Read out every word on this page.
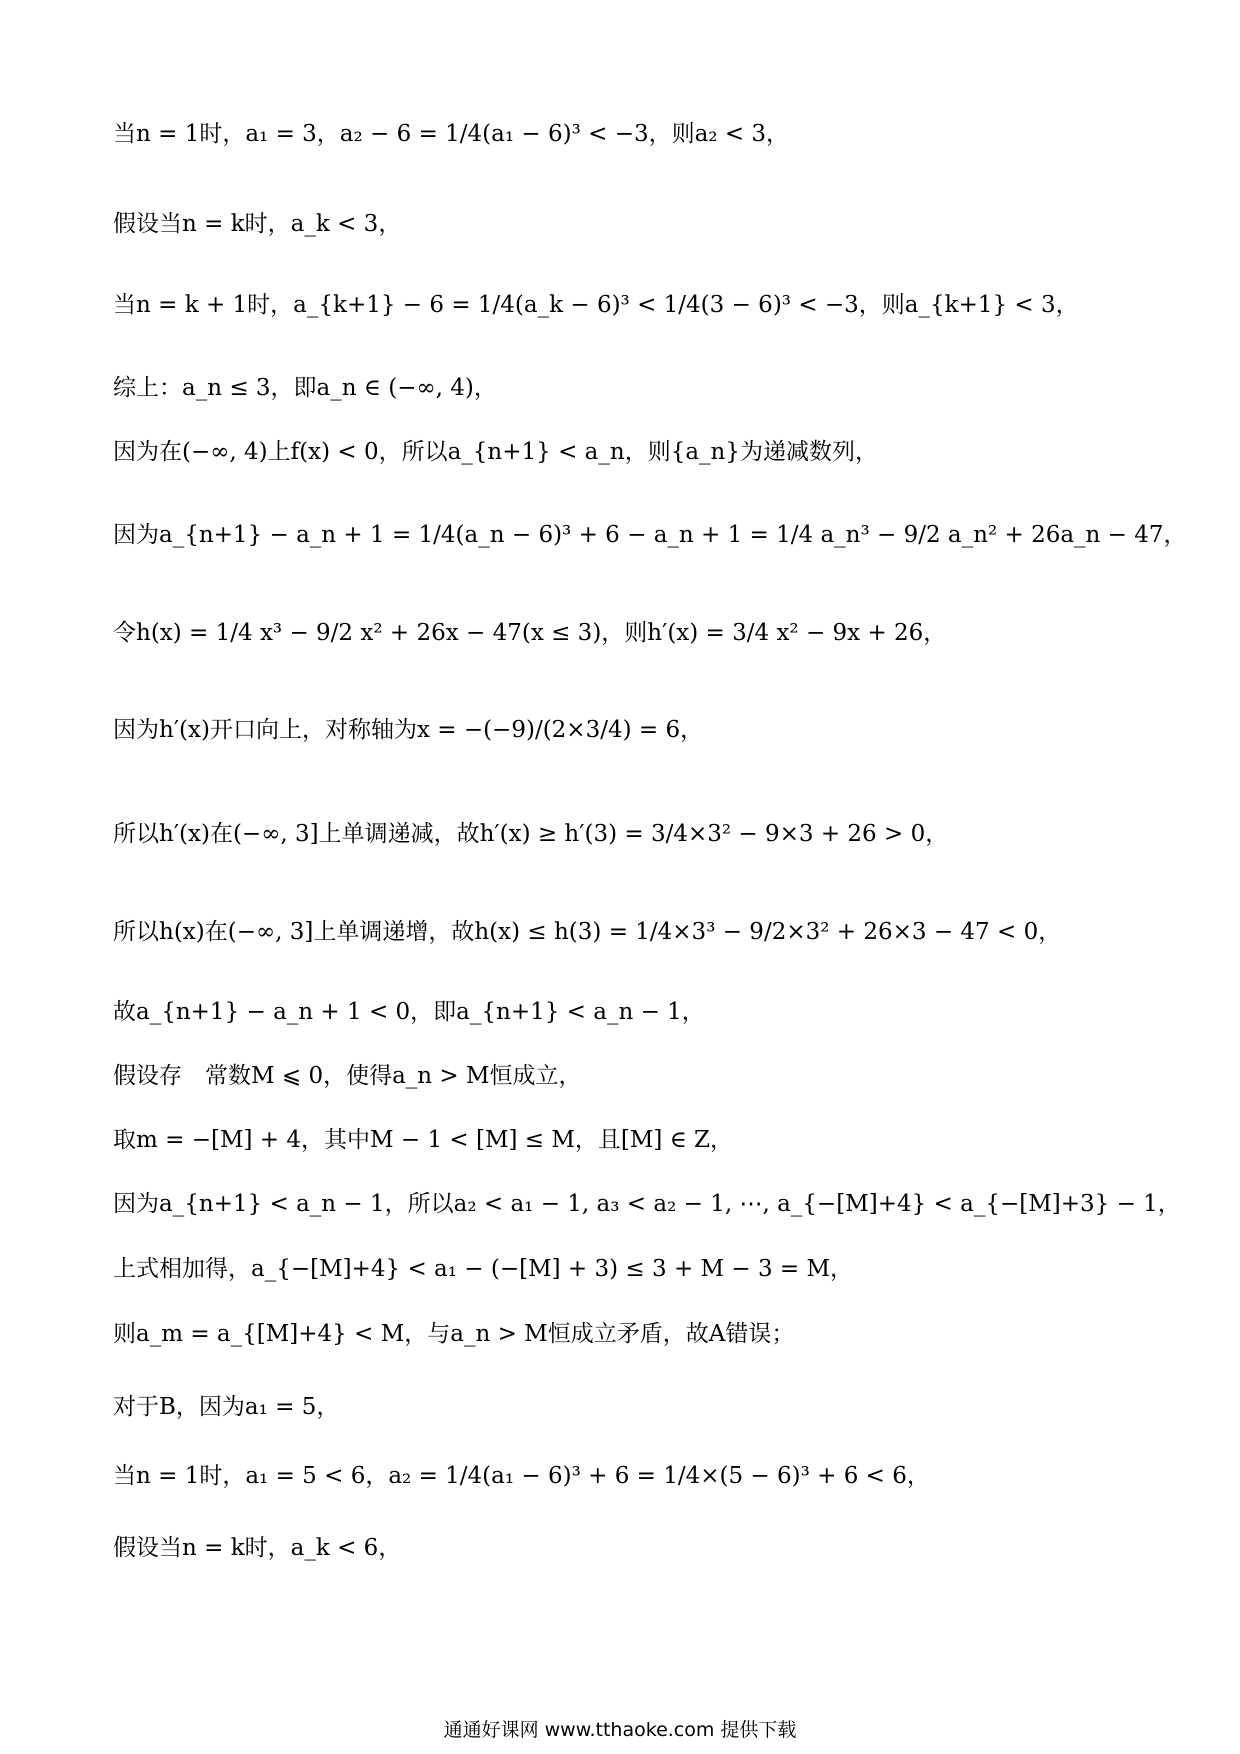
当n = 1时，a₁ = 3，a₂ − 6 = 1/4(a₁ − 6)³ < −3，则a₂ < 3，
假设当n = k时，a_k < 3，
当n = k + 1时，a_{k+1} − 6 = 1/4(a_k − 6)³ < 1/4(3 − 6)³ < −3，则a_{k+1} < 3，
综上：a_n ≤ 3，即a_n ∈ (−∞, 4)，
因为在(−∞, 4)上f(x) < 0，所以a_{n+1} < a_n，则{a_n}为递减数列，
因为a_{n+1} − a_n + 1 = 1/4(a_n − 6)³ + 6 − a_n + 1 = 1/4 a_n³ − 9/2 a_n² + 26a_n − 47，
令h(x) = 1/4 x³ − 9/2 x² + 26x − 47(x ≤ 3)，则h′(x) = 3/4 x² − 9x + 26，
因为h′(x)开口向上，对称轴为x = −(−9)/(2×3/4) = 6，
所以h′(x)在(−∞, 3]上单调递减，故h′(x) ≥ h′(3) = 3/4×3² − 9×3 + 26 > 0，
所以h(x)在(−∞, 3]上单调递增，故h(x) ≤ h(3) = 1/4×3³ − 9/2×3² + 26×3 − 47 < 0，
故a_{n+1} − a_n + 1 < 0，即a_{n+1} < a_n − 1，
假设存　常数M ⩽ 0，使得a_n > M恒成立，
取m = −[M] + 4，其中M − 1 < [M] ≤ M，且[M] ∈ Z，
因为a_{n+1} < a_n − 1，所以a₂ < a₁ − 1, a₃ < a₂ − 1, ⋯, a_{−[M]+4} < a_{−[M]+3} − 1，
上式相加得，a_{−[M]+4} < a₁ − (−[M] + 3) ≤ 3 + M − 3 = M，
则a_m = a_{[M]+4} < M，与a_n > M恒成立矛盾，故A错误；
对于B，因为a₁ = 5，
当n = 1时，a₁ = 5 < 6，a₂ = 1/4(a₁ − 6)³ + 6 = 1/4×(5 − 6)³ + 6 < 6，
假设当n = k时，a_k < 6，
通通好课网 www.tthaoke.com 提供下载
